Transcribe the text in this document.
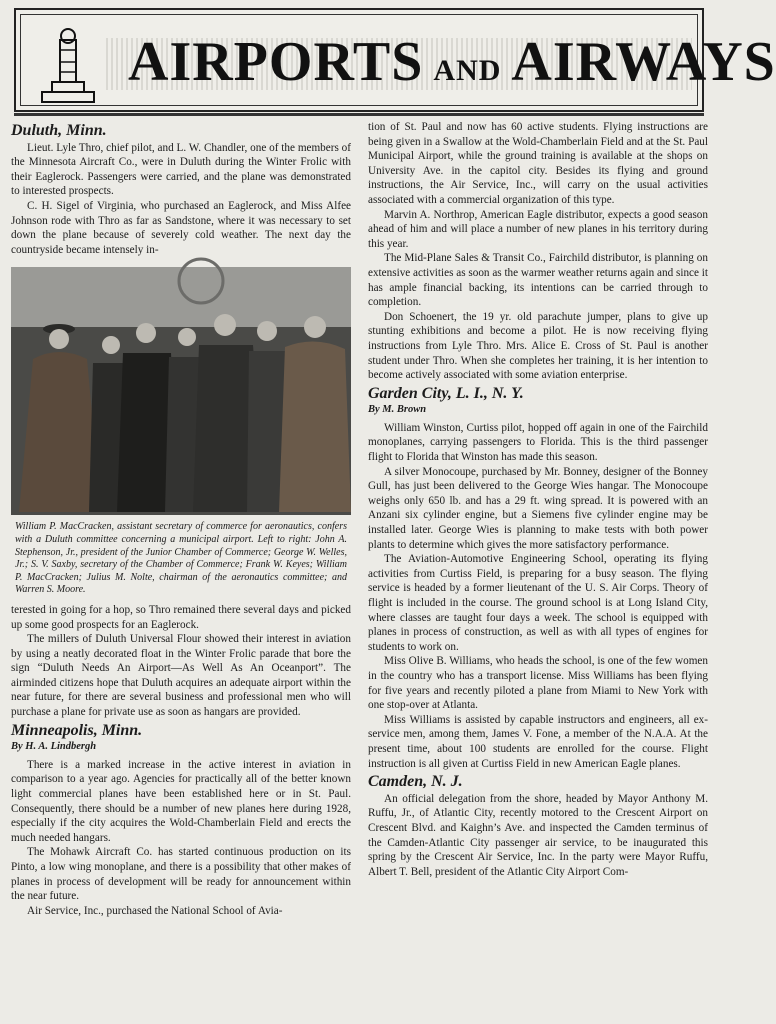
AIRPORTS AND AIRWAYS
Duluth, Minn.

Lieut. Lyle Thro, chief pilot, and L. W. Chandler, one of the members of the Minnesota Aircraft Co., were in Duluth during the Winter Frolic with their Eaglerock. Passengers were carried, and the plane was demonstrated to interested prospects.

C. H. Sigel of Virginia, who purchased an Eaglerock, and Miss Alfee Johnson rode with Thro as far as Sandstone, where it was necessary to set down the plane because of severely cold weather. The next day the countryside became intensely in-

William P. MacCracken, assistant secretary of commerce for aeronautics, confers with a Duluth committee concerning a municipal airport. Left to right: John A. Stephenson, Jr., president of the Junior Chamber of Commerce; George W. Welles, Jr.; S. V. Saxby, secretary of the Chamber of Commerce; Frank W. Keyes; William P. MacCracken; Julius M. Nolte, chairman of the aeronautics committee; and Warren S. Moore.

terested in going for a hop, so Thro remained there several days and picked up some good prospects for an Eaglerock.

The millers of Duluth Universal Flour showed their interest in aviation by using a neatly decorated float in the Winter Frolic parade that bore the sign “Duluth Needs An Airport—As Well As An Oceanport”. The airminded citizens hope that Duluth acquires an adequate airport within the near future, for there are several business and professional men who will purchase a plane for private use as soon as hangars are provided.

Minneapolis, Minn.
By H. A. Lindbergh

There is a marked increase in the active interest in aviation in comparison to a year ago. Agencies for practically all of the better known light commercial planes have been established here or in St. Paul. Consequently, there should be a number of new planes here during 1928, especially if the city acquires the Wold-Chamberlain Field and erects the much needed hangars.

The Mohawk Aircraft Co. has started continuous production on its Pinto, a low wing monoplane, and there is a possibility that other makes of planes in process of development will be ready for announcement within the near future.

Air Service, Inc., purchased the National School of Avia-

tion of St. Paul and now has 60 active students. Flying instructions are being given in a Swallow at the Wold-Chamberlain Field and at the St. Paul Municipal Airport, while the ground training is available at the shops on University Ave. in the capitol city. Besides its flying and ground instructions, the Air Service, Inc., will carry on the usual activities associated with a commercial organization of this type.

Marvin A. Northrop, American Eagle distributor, expects a good season ahead of him and will place a number of new planes in his territory during this year.

The Mid-Plane Sales & Transit Co., Fairchild distributor, is planning on extensive activities as soon as the warmer weather returns again and since it has ample financial backing, its intentions can be carried through to completion.

Don Schoenert, the 19 yr. old parachute jumper, plans to give up stunting exhibitions and become a pilot. He is now receiving flying instructions from Lyle Thro. Mrs. Alice E. Cross of St. Paul is another student under Thro. When she completes her training, it is her intention to become actively associated with some aviation enterprise.

Garden City, L. I., N. Y.
By M. Brown

William Winston, Curtiss pilot, hopped off again in one of the Fairchild monoplanes, carrying passengers to Florida. This is the third passenger flight to Florida that Winston has made this season.

A silver Monocoupe, purchased by Mr. Bonney, designer of the Bonney Gull, has just been delivered to the George Wies hangar. The Monocoupe weighs only 650 lb. and has a 29 ft. wing spread. It is powered with an Anzani six cylinder engine, but a Siemens five cylinder engine may be installed later. George Wies is planning to make tests with both power plants to determine which gives the more satisfactory performance.

The Aviation-Automotive Engineering School, operating its flying activities from Curtiss Field, is preparing for a busy season. The flying service is headed by a former lieutenant of the U. S. Air Corps. Theory of flight is included in the course. The ground school is at Long Island City, where classes are taught four days a week. The school is equipped with planes in process of construction, as well as with all types of engines for students to work on.

Miss Olive B. Williams, who heads the school, is one of the few women in the country who has a transport license. Miss Williams has been flying for five years and recently piloted a plane from Miami to New York with one stop-over at Atlanta.

Miss Williams is assisted by capable instructors and engineers, all ex-service men, among them, James V. Fone, a member of the N.A.A. At the present time, about 100 students are enrolled for the course. Flight instruction is all given at Curtiss Field in new American Eagle planes.

Camden, N. J.

An official delegation from the shore, headed by Mayor Anthony M. Ruffu, Jr., of Atlantic City, recently motored to the Crescent Airport on Crescent Blvd. and Kaighn’s Ave. and inspected the Camden terminus of the Camden-Atlantic City passenger air service, to be inaugurated this spring by the Crescent Air Service, Inc. In the party were Mayor Ruffu, Albert T. Bell, president of the Atlantic City Airport Com-
